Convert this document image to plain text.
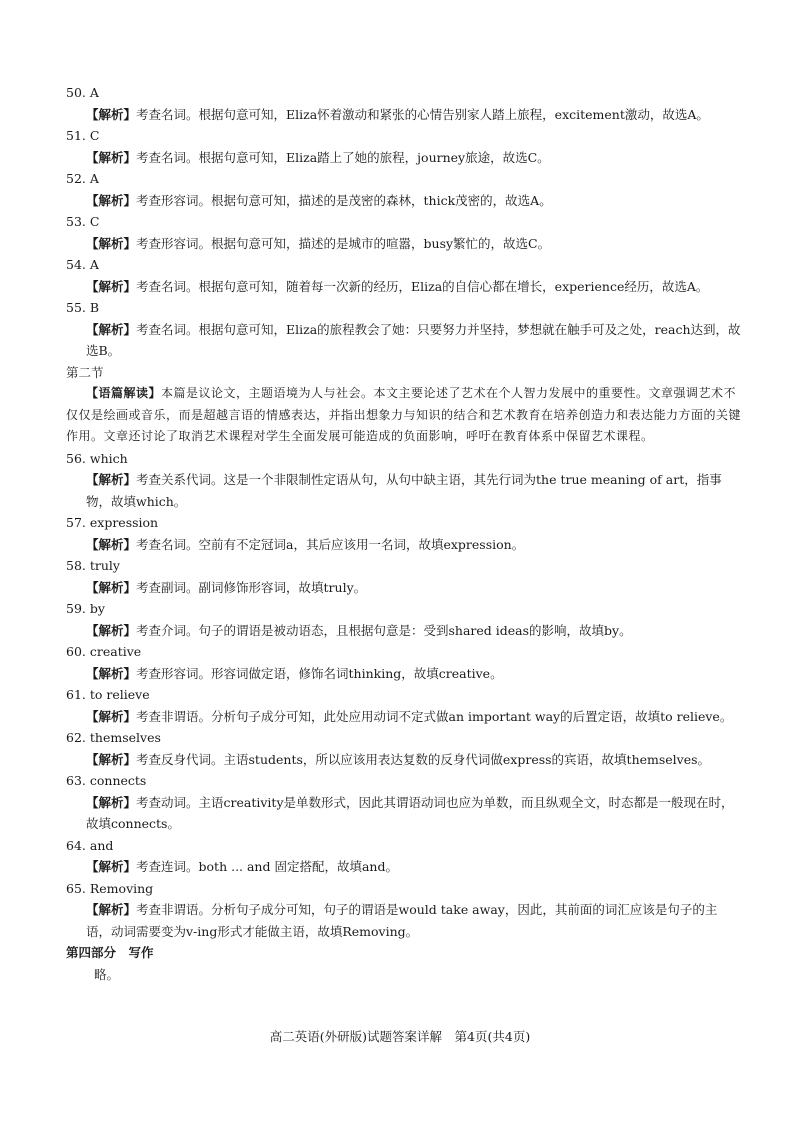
50. A
【解析】考查名词。根据句意可知，Eliza怀着激动和紧张的心情告别家人踏上旅程，excitement激动，故选A。
51. C
【解析】考查名词。根据句意可知，Eliza踏上了她的旅程，journey旅途，故选C。
52. A
【解析】考查形容词。根据句意可知，描述的是茂密的森林，thick茂密的，故选A。
53. C
【解析】考查形容词。根据句意可知，描述的是城市的喧嚣，busy繁忙的，故选C。
54. A
【解析】考查名词。根据句意可知，随着每一次新的经历，Eliza的自信心都在增长，experience经历，故选A。
55. B
【解析】考查名词。根据句意可知，Eliza的旅程教会了她：只要努力并坚持，梦想就在触手可及之处，reach达到，故选B。
第二节
【语篇解读】本篇是议论文，主题语境为人与社会。本文主要论述了艺术在个人智力发展中的重要性。文章强调艺术不仅仅是绘画或音乐，而是超越言语的情感表达，并指出想象力与知识的结合和艺术教育在培养创造力和表达能力方面的关键作用。文章还讨论了取消艺术课程对学生全面发展可能造成的负面影响，呼吁在教育体系中保留艺术课程。
56. which
【解析】考查关系代词。这是一个非限制性定语从句，从句中缺主语，其先行词为the true meaning of art，指事物，故填which。
57. expression
【解析】考查名词。空前有不定冠词a，其后应该用一名词，故填expression。
58. truly
【解析】考查副词。副词修饰形容词，故填truly。
59. by
【解析】考查介词。句子的谓语是被动语态，且根据句意是：受到shared ideas的影响，故填by。
60. creative
【解析】考查形容词。形容词做定语，修饰名词thinking，故填creative。
61. to relieve
【解析】考查非谓语。分析句子成分可知，此处应用动词不定式做an important way的后置定语，故填to relieve。
62. themselves
【解析】考查反身代词。主语students，所以应该用表达复数的反身代词做express的宾语，故填themselves。
63. connects
【解析】考查动词。主语creativity是单数形式，因此其谓语动词也应为单数，而且纵观全文，时态都是一般现在时，故填connects。
64. and
【解析】考查连词。both ... and 固定搭配，故填and。
65. Removing
【解析】考查非谓语。分析句子成分可知，句子的谓语是would take away，因此，其前面的词汇应该是句子的主语，动词需要变为v-ing形式才能做主语，故填Removing。
第四部分　写作
略。
高二英语(外研版)试题答案详解　第4页(共4页)
